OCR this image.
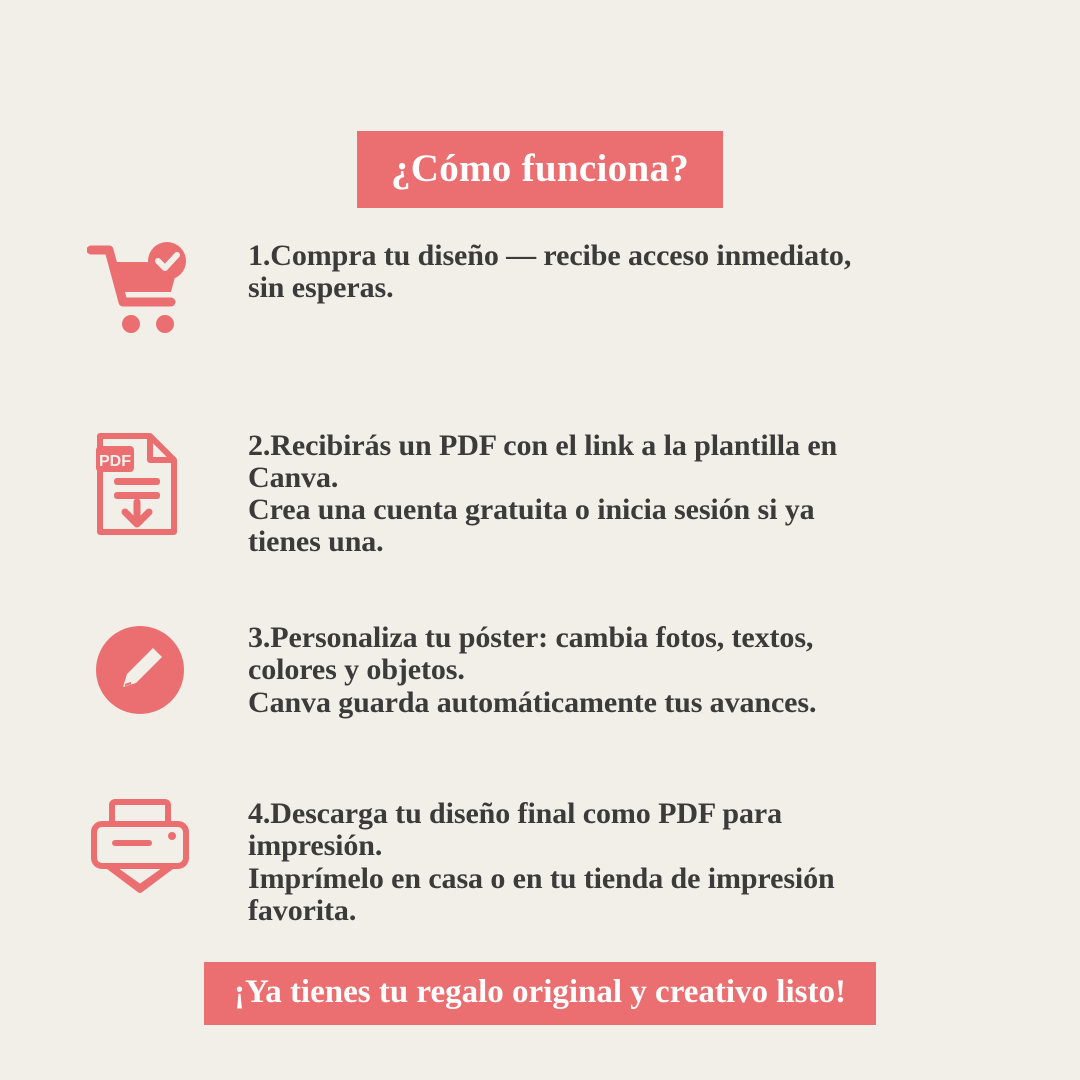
¿Cómo funciona?
1.Compra tu diseño — recibe acceso inmediato,
sin esperas.
PDF	2.Recibirás un PDF con el link a la plantilla en
Canva.
Crea una cuenta gratuita o inicia sesión si ya
tienes una.
3.Personaliza tu póster: cambia fotos, textos,
colores y objetos.
Canva guarda automáticamente tus avances.
4.Descarga tu diseño final como PDF para
impresión.
Imprímelo en casa o en tu tienda de impresión
favorita.
¡Ya tienes tu regalo original y creativo listo!
